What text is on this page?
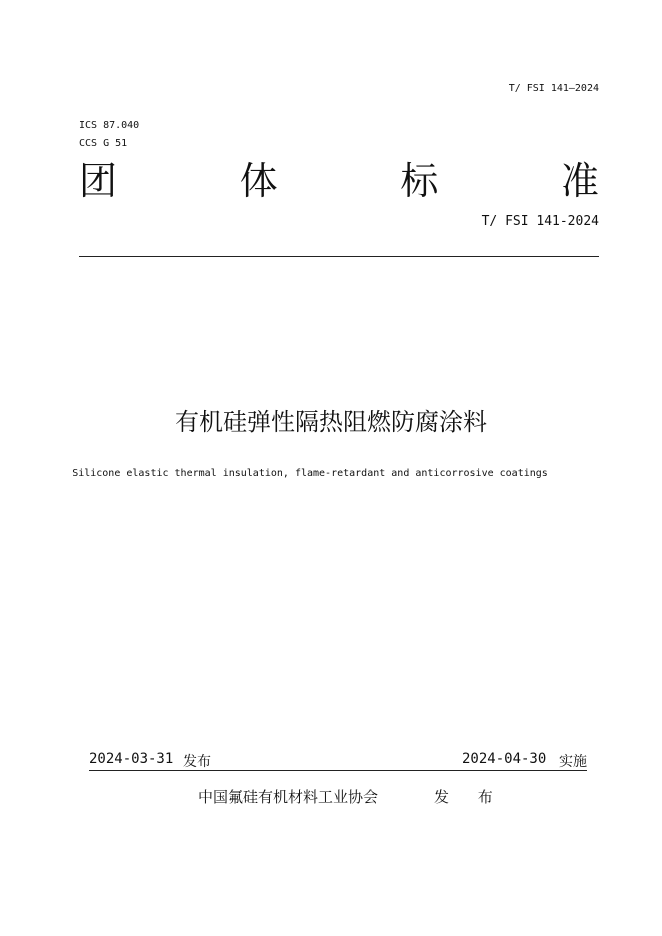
T/ FSI 141—2024
ICS 87.040
CCS G 51
团	体	标	准
T/ FSI 141-2024
有机硅弹性隔热阻燃防腐涂料
Silicone elastic thermal insulation, flame-retardant and anticorrosive coatings
2024-03-31 发布	2024-04-30 实施
中国氟硅有机材料工业协会	发 布
